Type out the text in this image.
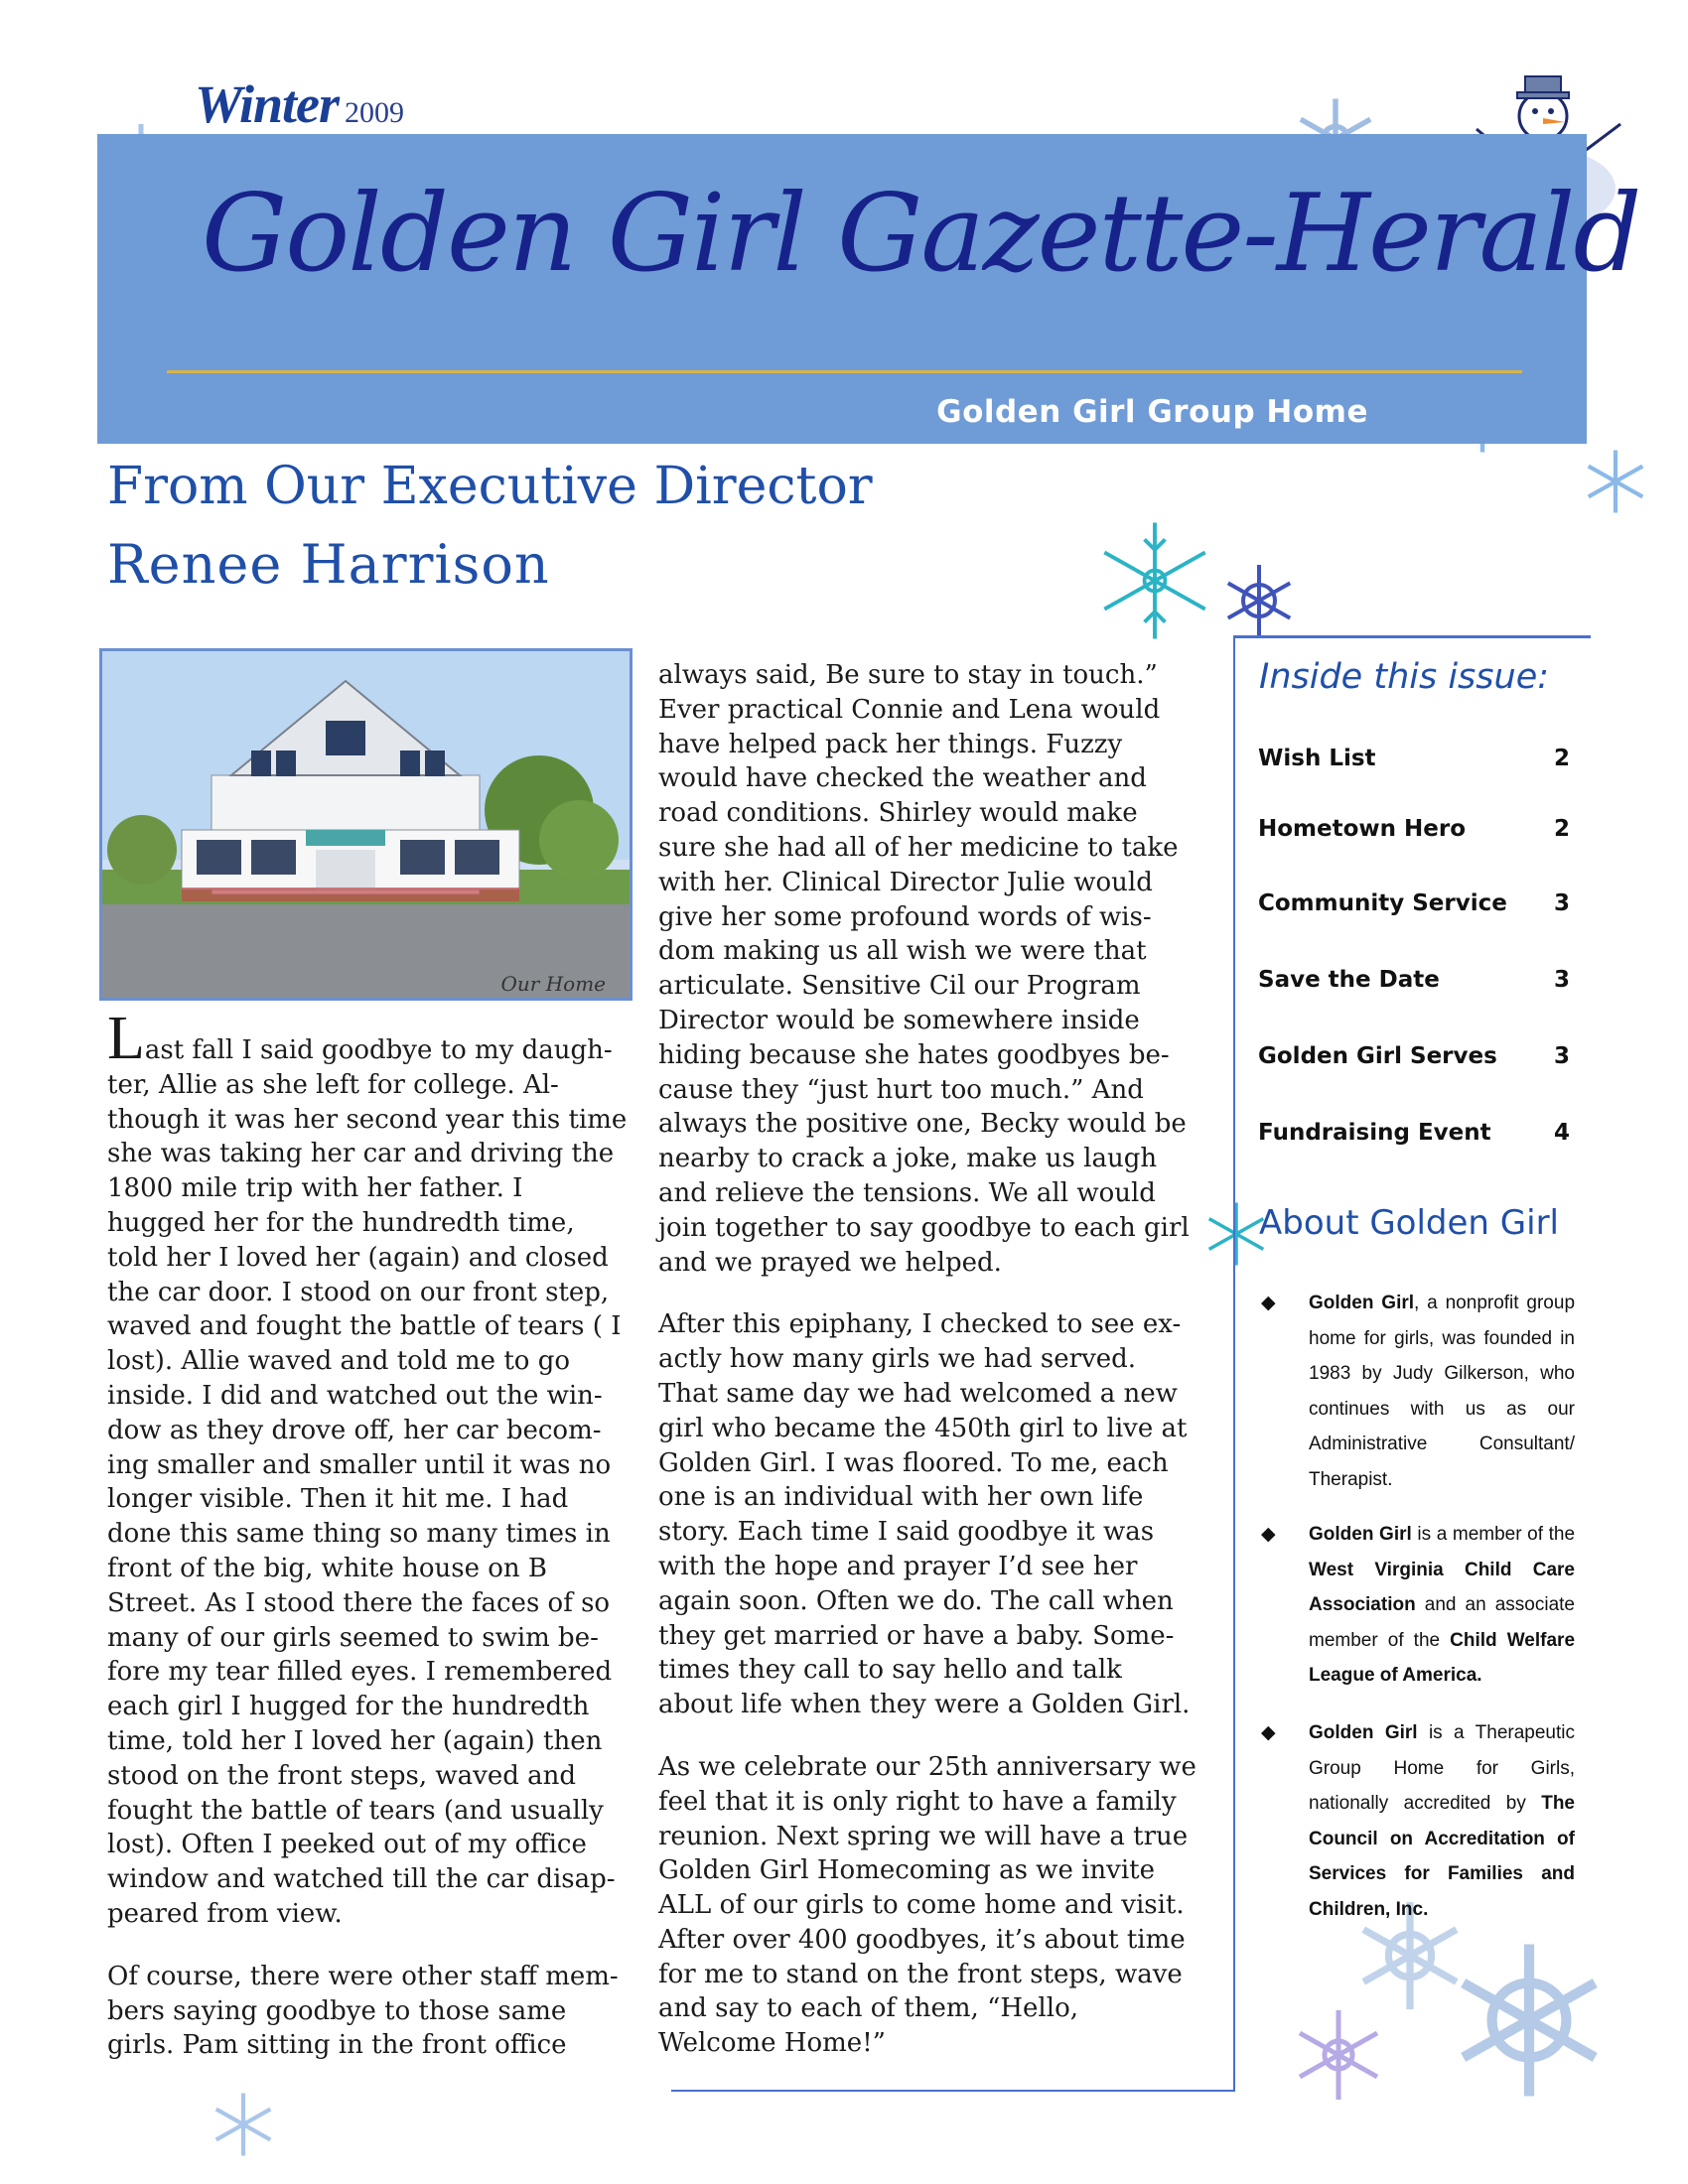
Winter 2009
Golden Girl Gazette-Herald
Golden Girl Group Home
From Our Executive Director
Renee Harrison
Our Home

Last fall I said goodbye to my daugh-

ter, Allie as she left for college. Al-

though it was her second year this time

she was taking her car and driving the

1800 mile trip with her father. I

hugged her for the hundredth time,

told her I loved her (again) and closed

the car door. I stood on our front step,

waved and fought the battle of tears ( I

lost). Allie waved and told me to go

inside. I did and watched out the win-

dow as they drove off, her car becom-

ing smaller and smaller until it was no

longer visible. Then it hit me. I had

done this same thing so many times in

front of the big, white house on B

Street. As I stood there the faces of so

many of our girls seemed to swim be-

fore my tear filled eyes. I remembered

each girl I hugged for the hundredth

time, told her I loved her (again) then

stood on the front steps, waved and

fought the battle of tears (and usually

lost). Often I peeked out of my office

window and watched till the car disap-

peared from view.

Of course, there were other staff mem-

bers saying goodbye to those same

girls. Pam sitting in the front office

always said, Be sure to stay in touch.”

Ever practical Connie and Lena would

have helped pack her things. Fuzzy

would have checked the weather and

road conditions. Shirley would make

sure she had all of her medicine to take

with her. Clinical Director Julie would

give her some profound words of wis-

dom making us all wish we were that

articulate. Sensitive Cil our Program

Director would be somewhere inside

hiding because she hates goodbyes be-

cause they “just hurt too much.” And

always the positive one, Becky would be

nearby to crack a joke, make us laugh

and relieve the tensions. We all would

join together to say goodbye to each girl

and we prayed we helped.

After this epiphany, I checked to see ex-

actly how many girls we had served.

That same day we had welcomed a new

girl who became the 450th girl to live at

Golden Girl. I was floored. To me, each

one is an individual with her own life

story. Each time I said goodbye it was

with the hope and prayer I’d see her

again soon. Often we do. The call when

they get married or have a baby. Some-

times they call to say hello and talk

about life when they were a Golden Girl.

As we celebrate our 25th anniversary we

feel that it is only right to have a family

reunion. Next spring we will have a true

Golden Girl Homecoming as we invite

ALL of our girls to come home and visit.

After over 400 goodbyes, it’s about time

for me to stand on the front steps, wave

and say to each of them, “Hello,

Welcome Home!”

Inside this issue:
Wish List	2
Hometown Hero	2
Community Service 3
Save the Date	3
Golden Girl Serves 3
Fundraising Event	4
About Golden Girl
◆	Golden Girl, a nonprofit group home for girls, was founded in 1983 by Judy Gilkerson, who continues with us as our Administrative Consultant/ Therapist.
◆	Golden Girl is a member of the West Virginia Child Care Association and an associate member of the Child Welfare League of America.
◆	Golden Girl is a Therapeutic Group Home for Girls, nationally accredited by The Council on Accreditation of Services for Families and Children, Inc.
